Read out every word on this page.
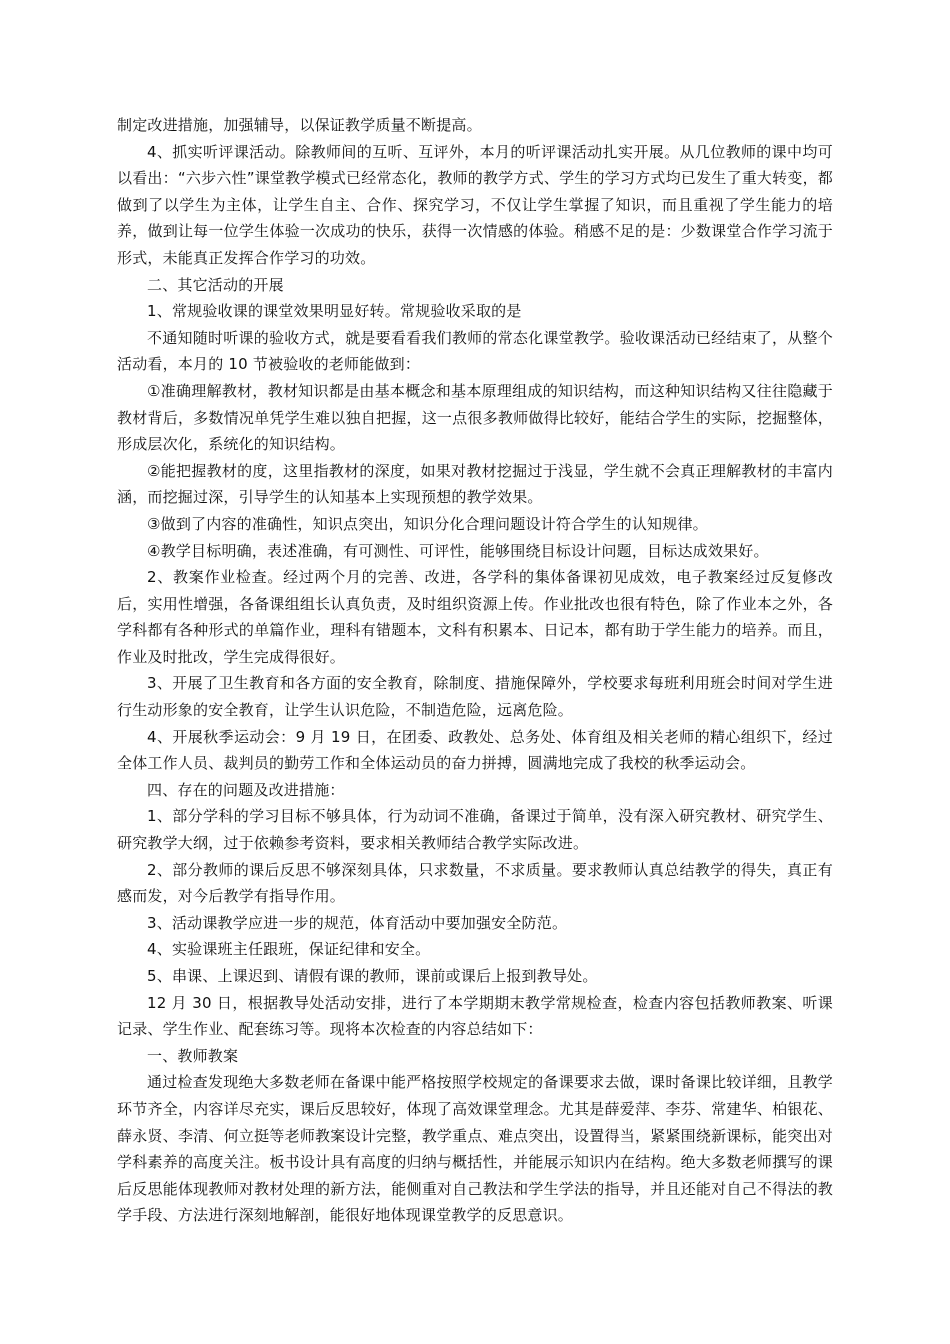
制定改进措施，加强辅导，以保证教学质量不断提高。

4、抓实听评课活动。除教师间的互听、互评外，本月的听评课活动扎实开展。从几位教师的课中均可以看出：“六步六性”课堂教学模式已经常态化，教师的教学方式、学生的学习方式均已发生了重大转变，都做到了以学生为主体，让学生自主、合作、探究学习，不仅让学生掌握了知识，而且重视了学生能力的培养，做到让每一位学生体验一次成功的快乐，获得一次情感的体验。稍感不足的是：少数课堂合作学习流于形式，未能真正发挥合作学习的功效。

二、其它活动的开展

1、常规验收课的课堂效果明显好转。常规验收采取的是

不通知随时听课的验收方式，就是要看看我们教师的常态化课堂教学。验收课活动已经结束了，从整个活动看，本月的 10 节被验收的老师能做到：

①准确理解教材，教材知识都是由基本概念和基本原理组成的知识结构，而这种知识结构又往往隐藏于教材背后，多数情况单凭学生难以独自把握，这一点很多教师做得比较好，能结合学生的实际，挖掘整体，形成层次化，系统化的知识结构。

②能把握教材的度，这里指教材的深度，如果对教材挖掘过于浅显，学生就不会真正理解教材的丰富内涵，而挖掘过深，引导学生的认知基本上实现预想的教学效果。

③做到了内容的准确性，知识点突出，知识分化合理问题设计符合学生的认知规律。

④教学目标明确，表述准确，有可测性、可评性，能够围绕目标设计问题，目标达成效果好。

2、教案作业检查。经过两个月的完善、改进，各学科的集体备课初见成效，电子教案经过反复修改后，实用性增强，各备课组组长认真负责，及时组织资源上传。作业批改也很有特色，除了作业本之外，各学科都有各种形式的单篇作业，理科有错题本，文科有积累本、日记本，都有助于学生能力的培养。而且，作业及时批改，学生完成得很好。

3、开展了卫生教育和各方面的安全教育，除制度、措施保障外，学校要求每班利用班会时间对学生进行生动形象的安全教育，让学生认识危险，不制造危险，远离危险。

4、开展秋季运动会：9 月 19 日，在团委、政教处、总务处、体育组及相关老师的精心组织下，经过全体工作人员、裁判员的勤劳工作和全体运动员的奋力拼搏，圆满地完成了我校的秋季运动会。

四、存在的问题及改进措施：

1、部分学科的学习目标不够具体，行为动词不准确，备课过于简单，没有深入研究教材、研究学生、研究教学大纲，过于依赖参考资料，要求相关教师结合教学实际改进。

2、部分教师的课后反思不够深刻具体，只求数量，不求质量。要求教师认真总结教学的得失，真正有感而发，对今后教学有指导作用。

3、活动课教学应进一步的规范，体育活动中要加强安全防范。

4、实验课班主任跟班，保证纪律和安全。

5、串课、上课迟到、请假有课的教师，课前或课后上报到教导处。

12 月 30 日，根据教导处活动安排，进行了本学期期末教学常规检查，检查内容包括教师教案、听课记录、学生作业、配套练习等。现将本次检查的内容总结如下：

一、教师教案

通过检查发现绝大多数老师在备课中能严格按照学校规定的备课要求去做，课时备课比较详细，且教学环节齐全，内容详尽充实，课后反思较好，体现了高效课堂理念。尤其是薛爱萍、李芬、常建华、柏银花、薛永贤、李清、何立挺等老师教案设计完整，教学重点、难点突出，设置得当，紧紧围绕新课标，能突出对学科素养的高度关注。板书设计具有高度的归纳与概括性，并能展示知识内在结构。绝大多数老师撰写的课后反思能体现教师对教材处理的新方法，能侧重对自己教法和学生学法的指导，并且还能对自己不得法的教学手段、方法进行深刻地解剖，能很好地体现课堂教学的反思意识。
